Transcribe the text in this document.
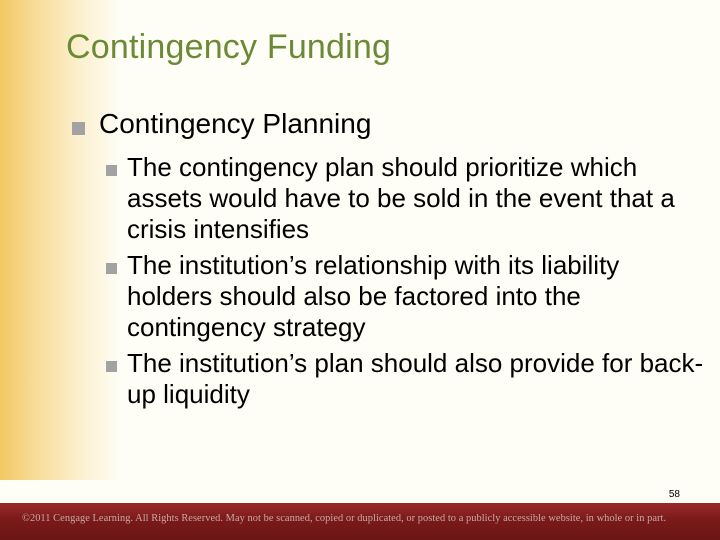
Contingency Funding
Contingency Planning
The contingency plan should prioritize which assets would have to be sold in the event that a crisis intensifies
The institution’s relationship with its liability holders should also be factored into the contingency strategy
The institution’s plan should also provide for back-up liquidity
58
©2011 Cengage Learning. All Rights Reserved. May not be scanned, copied or duplicated, or posted to a publicly accessible website, in whole or in part.
